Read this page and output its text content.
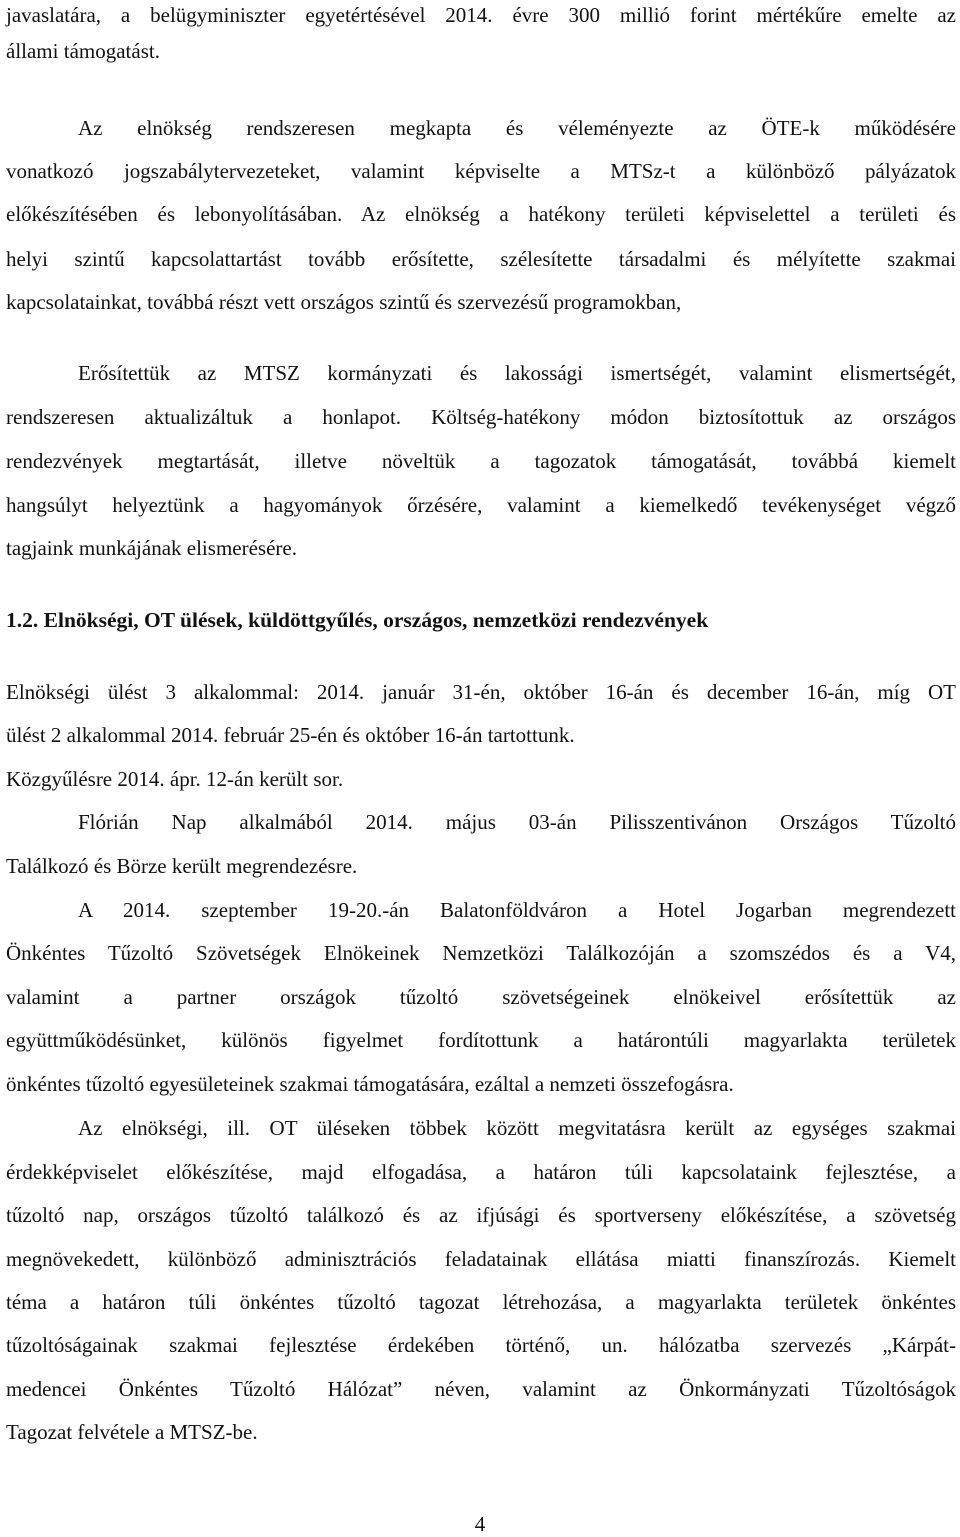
javaslatára, a belügyminiszter egyetértésével 2014. évre 300 millió forint mértékűre emelte az
állami támogatást.
Az elnökség rendszeresen megkapta és véleményezte az ÖTE-k működésére
vonatkozó jogszabálytervezeteket, valamint képviselte a MTSz-t a különböző pályázatok
előkészítésében és lebonyolításában. Az elnökség a hatékony területi képviselettel a területi és
helyi szintű kapcsolattartást tovább erősítette, szélesítette társadalmi és mélyítette szakmai
kapcsolatainkat, továbbá részt vett országos szintű és szervezésű programokban,
Erősítettük az MTSZ kormányzati és lakossági ismertségét, valamint elismertségét,
rendszeresen aktualizáltuk a honlapot. Költség-hatékony módon biztosítottuk az országos
rendezvények megtartását, illetve növeltük a tagozatok támogatását, továbbá kiemelt
hangsúlyt helyeztünk a hagyományok őrzésére, valamint a kiemelkedő tevékenységet végző
tagjaink munkájának elismerésére.
1.2. Elnökségi, OT ülések, küldöttgyűlés, országos, nemzetközi rendezvények
Elnökségi ülést 3 alkalommal: 2014. január 31-én, október 16-án és december 16-án, míg OT
ülést 2 alkalommal 2014. február 25-én és október 16-án tartottunk.
Közgyűlésre 2014. ápr. 12-án került sor.
Flórián Nap alkalmából 2014. május 03-án Pilisszentivánon Országos Tűzoltó
Találkozó és Börze került megrendezésre.
A 2014. szeptember 19-20.-án Balatonföldváron a Hotel Jogarban megrendezett
Önkéntes Tűzoltó Szövetségek Elnökeinek Nemzetközi Találkozóján a szomszédos és a V4,
valamint a partner országok tűzoltó szövetségeinek elnökeivel erősítettük az
együttműködésünket, különös figyelmet fordítottunk a határontúli magyarlakta területek
önkéntes tűzoltó egyesületeinek szakmai támogatására, ezáltal a nemzeti összefogásra.
Az elnökségi, ill. OT üléseken többek között megvitatásra került az egységes szakmai
érdekképviselet előkészítése, majd elfogadása, a határon túli kapcsolataink fejlesztése, a
tűzoltó nap, országos tűzoltó találkozó és az ifjúsági és sportverseny előkészítése, a szövetség
megnövekedett, különböző adminisztrációs feladatainak ellátása miatti finanszírozás. Kiemelt
téma a határon túli önkéntes tűzoltó tagozat létrehozása, a magyarlakta területek önkéntes
tűzoltóságainak szakmai fejlesztése érdekében történő, un. hálózatba szervezés „Kárpát-
medencei Önkéntes Tűzoltó Hálózat” néven, valamint az Önkormányzati Tűzoltóságok
Tagozat felvétele a MTSZ-be.
4
